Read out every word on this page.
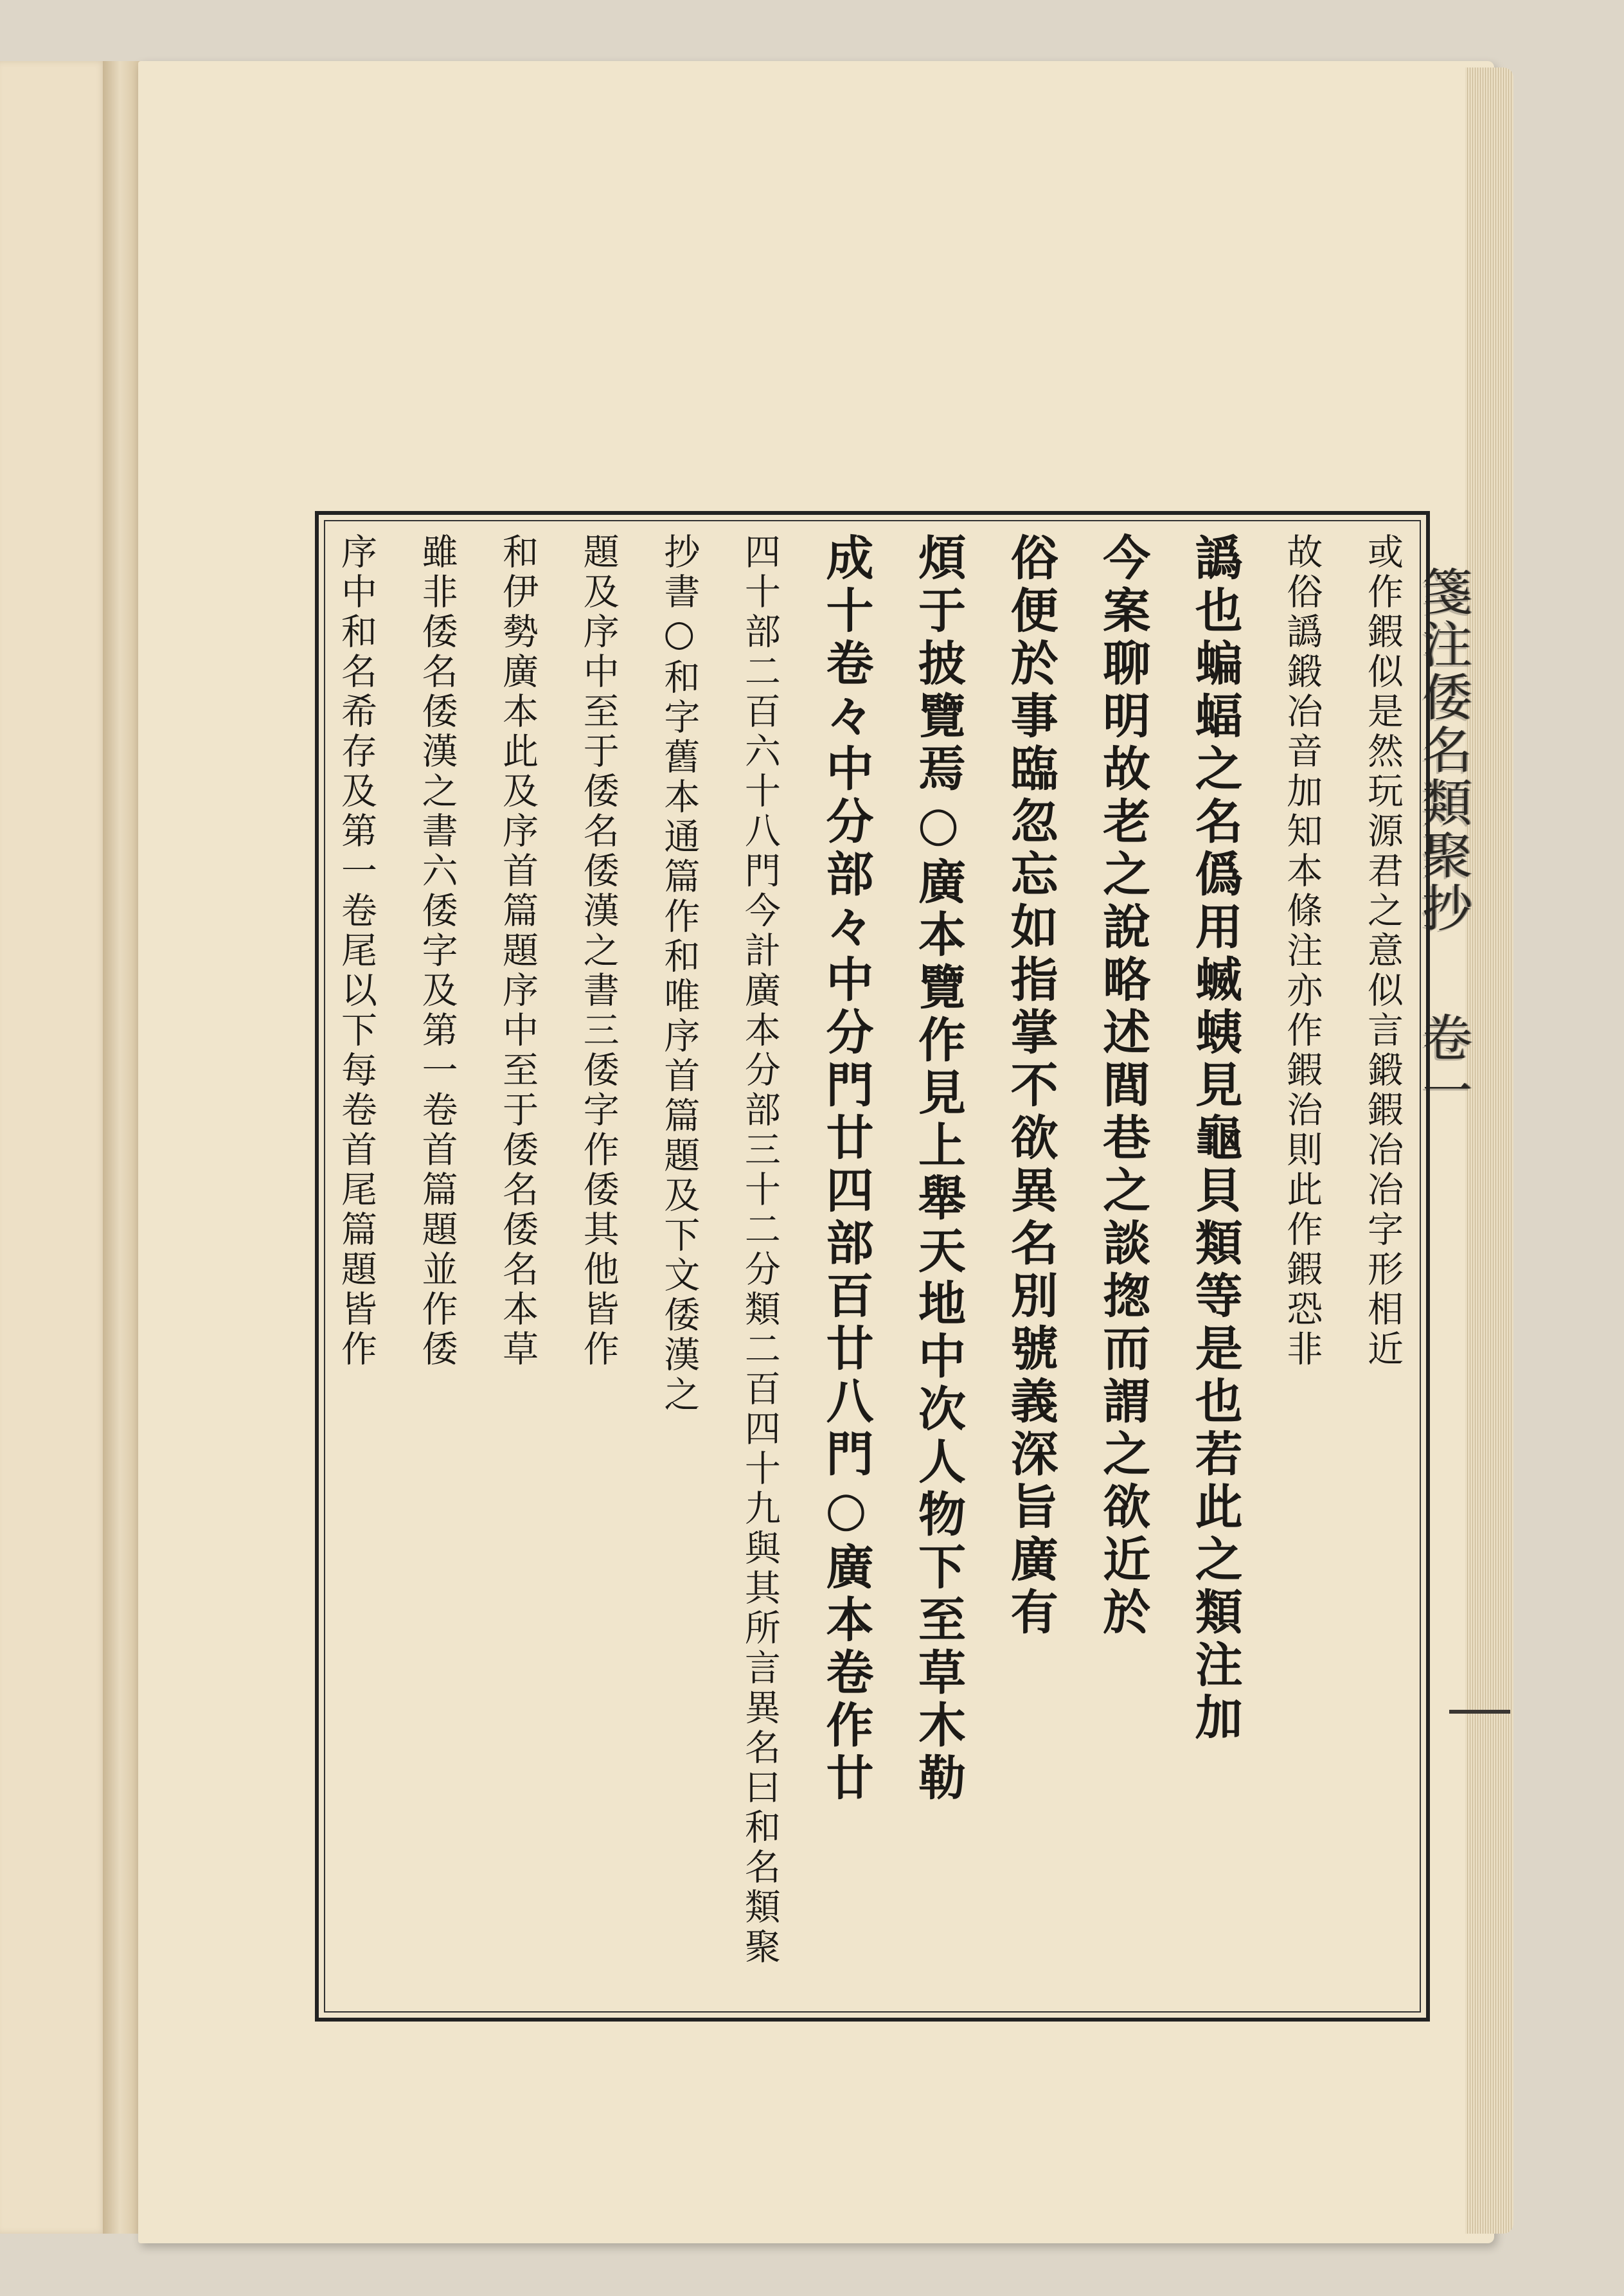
箋注倭名類聚抄
卷一
或作鍜似是然玩源君之意似言鍛鍜冶冶字形相近
故俗譌鍛冶音加知本條注亦作鍜治則此作鍜恐非
譌也蝙蝠之名僞用蝛蛦見龜貝類等是也若此之類注加
今案聊明故老之說略述閭巷之談揔而謂之欲近於
俗便於事臨忽忘如指掌不欲異名別號義深旨廣有
煩于披覽焉○廣本覽作見上舉天地中次人物下至草木勒
成十卷々中分部々中分門廿四部百廿八門○廣本卷作廿
四十部二百六十八門今計廣本分部三十二分類二百四十九與其所言異名曰和名類聚
抄書○和字舊本通篇作和唯序首篇題及下文倭漢之
題及序中至于倭名倭漢之書三倭字作倭其他皆作
和伊勢廣本此及序首篇題序中至于倭名倭名本草
雖非倭名倭漢之書六倭字及第一卷首篇題並作倭
序中和名希存及第一卷尾以下每卷首尾篇題皆作
